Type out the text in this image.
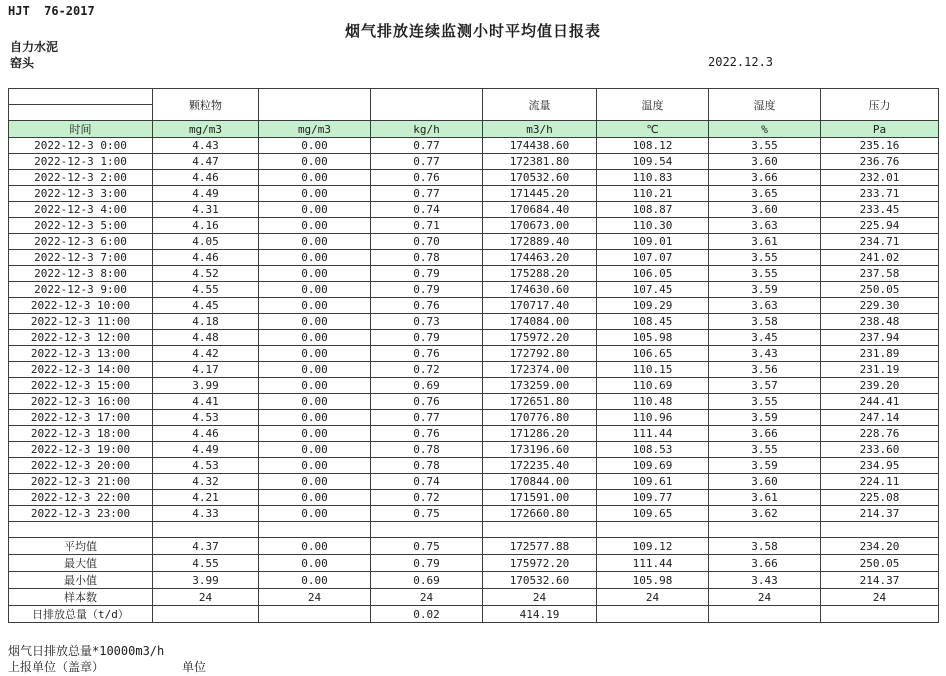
HJT  76-2017
烟气排放连续监测小时平均值日报表
自力水泥
窑头	2022.12.3
	颗粒物			流量	温度	湿度	压力

时间	mg/m3	mg/m3	kg/h	m3/h	℃	%	Pa
2022-12-3 0:00	4.43	0.00	0.77	174438.60	108.12	3.55	235.16
2022-12-3 1:00	4.47	0.00	0.77	172381.80	109.54	3.60	236.76
2022-12-3 2:00	4.46	0.00	0.76	170532.60	110.83	3.66	232.01
2022-12-3 3:00	4.49	0.00	0.77	171445.20	110.21	3.65	233.71
2022-12-3 4:00	4.31	0.00	0.74	170684.40	108.87	3.60	233.45
2022-12-3 5:00	4.16	0.00	0.71	170673.00	110.30	3.63	225.94
2022-12-3 6:00	4.05	0.00	0.70	172889.40	109.01	3.61	234.71
2022-12-3 7:00	4.46	0.00	0.78	174463.20	107.07	3.55	241.02
2022-12-3 8:00	4.52	0.00	0.79	175288.20	106.05	3.55	237.58
2022-12-3 9:00	4.55	0.00	0.79	174630.60	107.45	3.59	250.05
2022-12-3 10:00	4.45	0.00	0.76	170717.40	109.29	3.63	229.30
2022-12-3 11:00	4.18	0.00	0.73	174084.00	108.45	3.58	238.48
2022-12-3 12:00	4.48	0.00	0.79	175972.20	105.98	3.45	237.94
2022-12-3 13:00	4.42	0.00	0.76	172792.80	106.65	3.43	231.89
2022-12-3 14:00	4.17	0.00	0.72	172374.00	110.15	3.56	231.19
2022-12-3 15:00	3.99	0.00	0.69	173259.00	110.69	3.57	239.20
2022-12-3 16:00	4.41	0.00	0.76	172651.80	110.48	3.55	244.41
2022-12-3 17:00	4.53	0.00	0.77	170776.80	110.96	3.59	247.14
2022-12-3 18:00	4.46	0.00	0.76	171286.20	111.44	3.66	228.76
2022-12-3 19:00	4.49	0.00	0.78	173196.60	108.53	3.55	233.60
2022-12-3 20:00	4.53	0.00	0.78	172235.40	109.69	3.59	234.95
2022-12-3 21:00	4.32	0.00	0.74	170844.00	109.61	3.60	224.11
2022-12-3 22:00	4.21	0.00	0.72	171591.00	109.77	3.61	225.08
2022-12-3 23:00	4.33	0.00	0.75	172660.80	109.65	3.62	214.37

平均值	4.37	0.00	0.75	172577.88	109.12	3.58	234.20
最大值	4.55	0.00	0.79	175972.20	111.44	3.66	250.05
最小值	3.99	0.00	0.69	170532.60	105.98	3.43	214.37
样本数	24	24	24	24	24	24	24
日排放总量（t/d）			0.02	414.19			
烟气日排放总量*10000m3/h
上报单位（盖章）	单位
